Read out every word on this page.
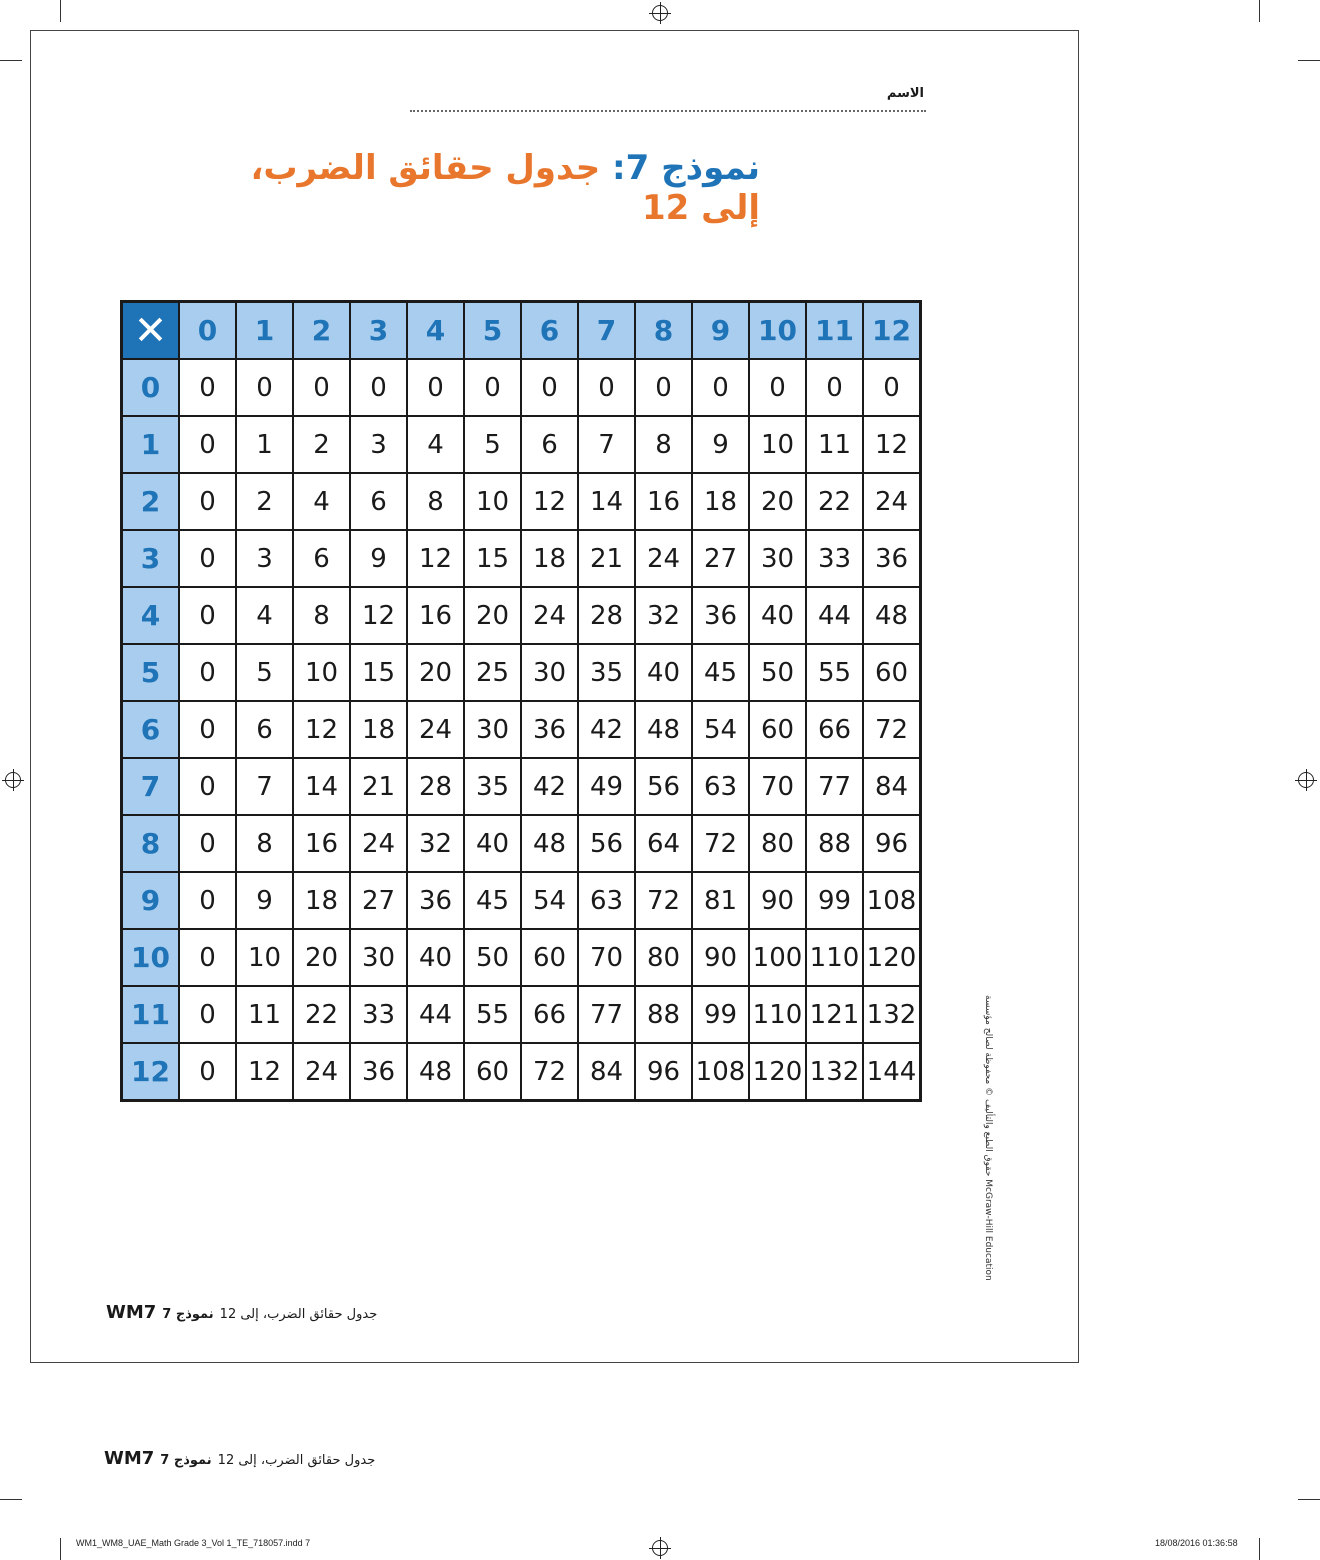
الاسم
نموذج 7: جدول حقائق الضرب، إلى 12
✕	0	1	2	3	4	5	6	7	8	9	10	11	12
0	0	0	0	0	0	0	0	0	0	0	0	0	0
1	0	1	2	3	4	5	6	7	8	9	10	11	12
2	0	2	4	6	8	10	12	14	16	18	20	22	24
3	0	3	6	9	12	15	18	21	24	27	30	33	36
4	0	4	8	12	16	20	24	28	32	36	40	44	48
5	0	5	10	15	20	25	30	35	40	45	50	55	60
6	0	6	12	18	24	30	36	42	48	54	60	66	72
7	0	7	14	21	28	35	42	49	56	63	70	77	84
8	0	8	16	24	32	40	48	56	64	72	80	88	96
9	0	9	18	27	36	45	54	63	72	81	90	99	108
10	0	10	20	30	40	50	60	70	80	90	100	110	120
11	0	11	22	33	44	55	66	77	88	99	110	121	132
12	0	12	24	36	48	60	72	84	96	108	120	132	144	حقوق الطبع والتأليف © محفوظة لصالح مؤسسة McGraw-Hill Education
WM7 نموذج 7 جدول حقائق الضرب، إلى 12
WM7 نموذج 7 جدول حقائق الضرب، إلى 12
WM1_WM8_UAE_Math Grade 3_Vol 1_TE_718057.indd 7	18/08/2016 01:36:58
